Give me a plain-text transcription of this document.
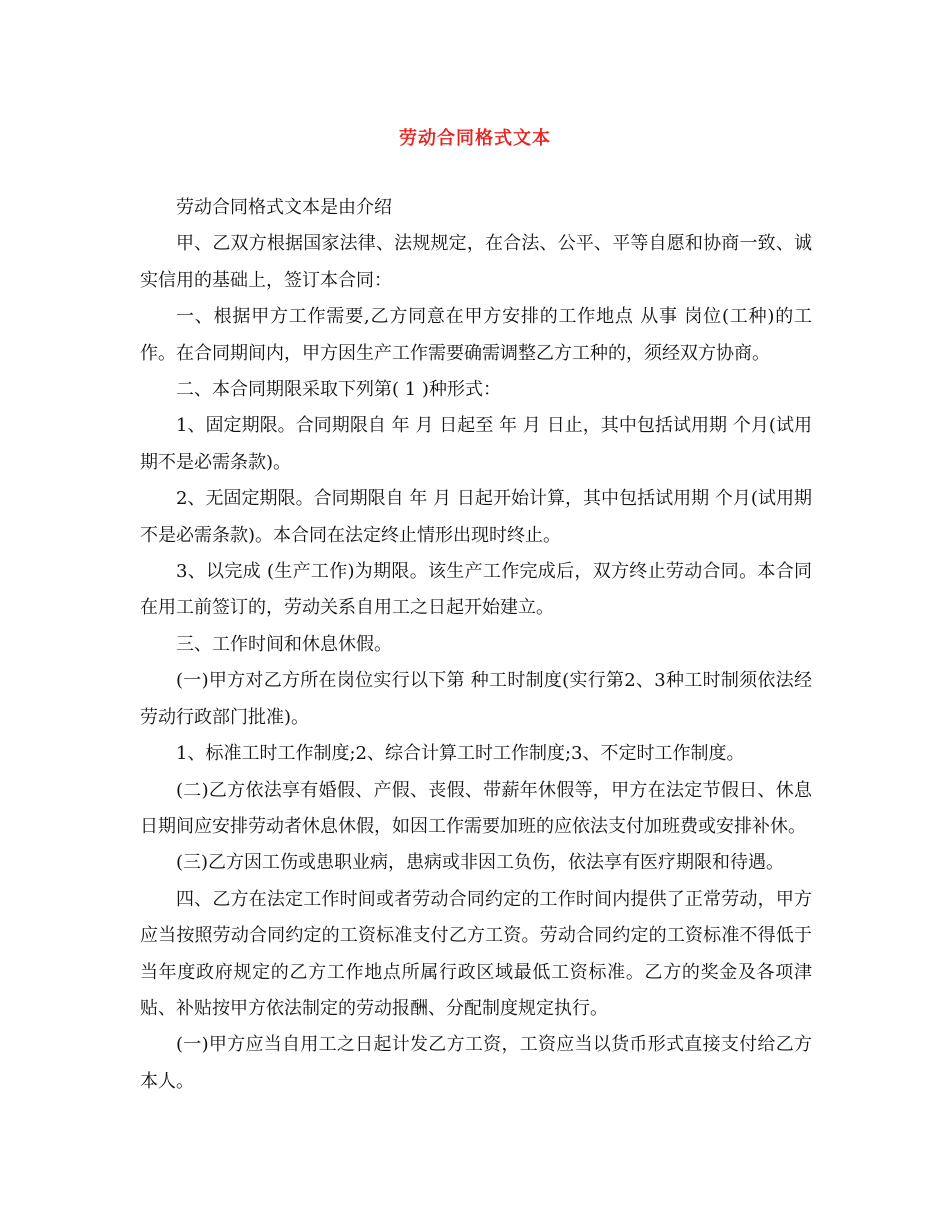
劳动合同格式文本

劳动合同格式文本是由介绍

甲、乙双方根据国家法律、法规规定，在合法、公平、平等自愿和协商一致、诚实信用的基础上，签订本合同：

一、根据甲方工作需要,乙方同意在甲方安排的工作地点 从事 岗位(工种)的工作。在合同期间内，甲方因生产工作需要确需调整乙方工种的，须经双方协商。

二、本合同期限采取下列第( 1 )种形式：

1、固定期限。合同期限自 年 月 日起至 年 月 日止，其中包括试用期 个月(试用期不是必需条款)。

2、无固定期限。合同期限自 年 月 日起开始计算，其中包括试用期 个月(试用期不是必需条款)。本合同在法定终止情形出现时终止。

3、以完成 (生产工作)为期限。该生产工作完成后，双方终止劳动合同。本合同在用工前签订的，劳动关系自用工之日起开始建立。

三、工作时间和休息休假。

(一)甲方对乙方所在岗位实行以下第 种工时制度(实行第2、3种工时制须依法经劳动行政部门批准)。

1、标准工时工作制度;2、综合计算工时工作制度;3、不定时工作制度。

(二)乙方依法享有婚假、产假、丧假、带薪年休假等，甲方在法定节假日、休息日期间应安排劳动者休息休假，如因工作需要加班的应依法支付加班费或安排补休。

(三)乙方因工伤或患职业病，患病或非因工负伤，依法享有医疗期限和待遇。

四、乙方在法定工作时间或者劳动合同约定的工作时间内提供了正常劳动，甲方应当按照劳动合同约定的工资标准支付乙方工资。劳动合同约定的工资标准不得低于当年度政府规定的乙方工作地点所属行政区域最低工资标准。乙方的奖金及各项津贴、补贴按甲方依法制定的劳动报酬、分配制度规定执行。

(一)甲方应当自用工之日起计发乙方工资，工资应当以货币形式直接支付给乙方本人。
